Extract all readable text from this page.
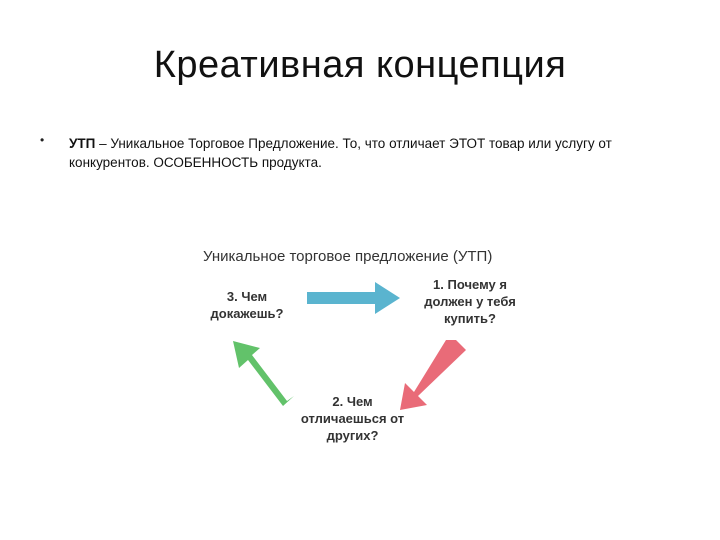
Креативная концепция
• УТП – Уникальное Торговое Предложение. То, что отличает ЭТОТ товар или услугу от конкурентов. ОСОБЕННОСТЬ продукта.
Уникальное торговое предложение (УТП)
1. Почему я
должен у тебя
купить?
2. Чем
отличаешься от
других?
3. Чем
докажешь?
